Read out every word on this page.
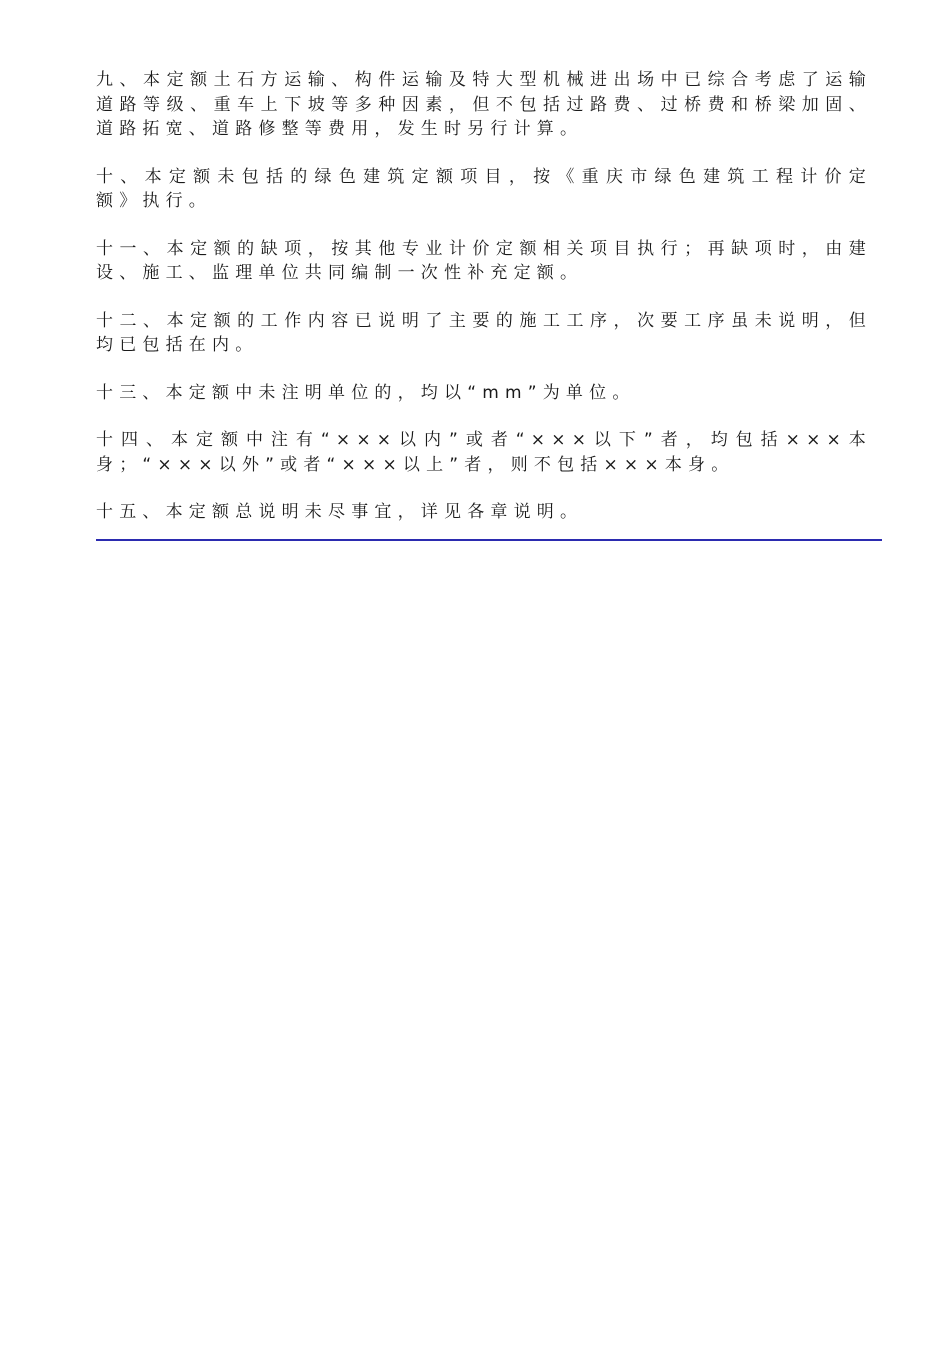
九、本定额土石方运输、构件运输及特大型机械进出场中已综合考虑了运输道路等级、重车上下坡等多种因素，但不包括过路费、过桥费和桥梁加固、道路拓宽、道路修整等费用，发生时另行计算。

十、本定额未包括的绿色建筑定额项目，按《重庆市绿色建筑工程计价定额》执行。

十一、本定额的缺项，按其他专业计价定额相关项目执行；再缺项时，由建设、施工、监理单位共同编制一次性补充定额。

十二、本定额的工作内容已说明了主要的施工工序，次要工序虽未说明，但均已包括在内。

十三、本定额中未注明单位的，均以“mm”为单位。

十四、本定额中注有“×××以内”或者“×××以下”者，均包括×××本身；“×××以外”或者“×××以上”者，则不包括×××本身。

十五、本定额总说明未尽事宜，详见各章说明。
